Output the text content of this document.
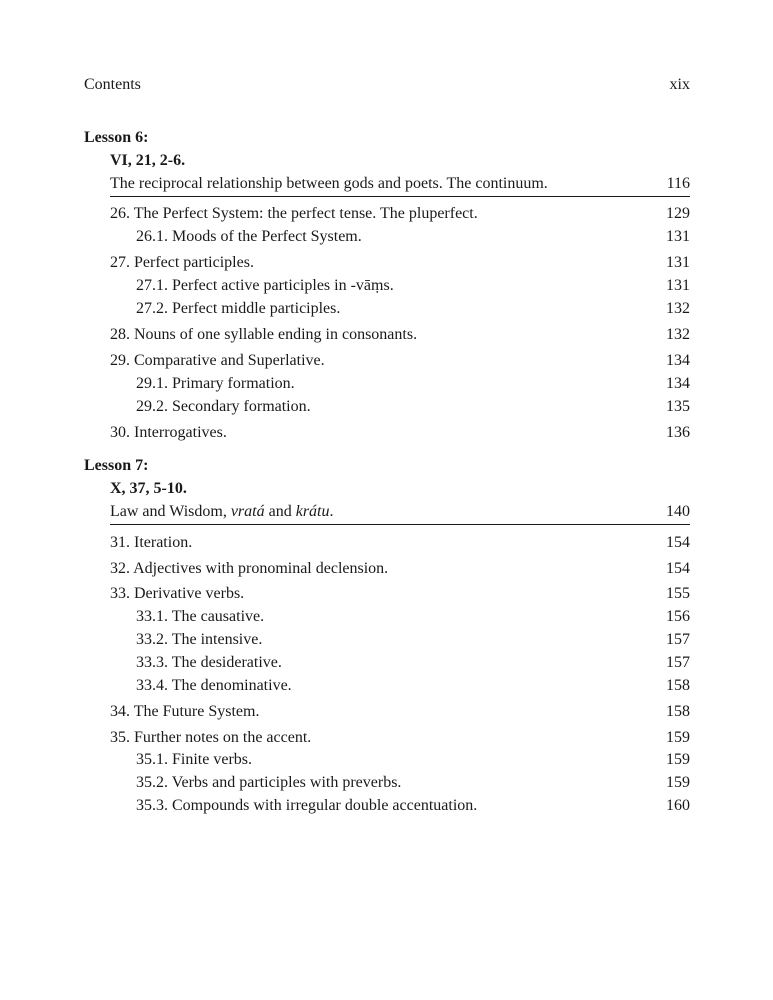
Contents	xix
Lesson 6:
VI, 21, 2-6.
The reciprocal relationship between gods and poets. The continuum.	116
26. The Perfect System: the perfect tense. The pluperfect.	129
26.1. Moods of the Perfect System.	131
27. Perfect participles.	131
27.1. Perfect active participles in -vāṃs.	131
27.2. Perfect middle participles.	132
28. Nouns of one syllable ending in consonants.	132
29. Comparative and Superlative.	134
29.1. Primary formation.	134
29.2. Secondary formation.	135
30. Interrogatives.	136
Lesson 7:
X, 37, 5-10.
Law and Wisdom, vratá and krátu.	140
31. Iteration.	154
32. Adjectives with pronominal declension.	154
33. Derivative verbs.	155
33.1. The causative.	156
33.2. The intensive.	157
33.3. The desiderative.	157
33.4. The denominative.	158
34. The Future System.	158
35. Further notes on the accent.	159
35.1. Finite verbs.	159
35.2. Verbs and participles with preverbs.	159
35.3. Compounds with irregular double accentuation.	160
